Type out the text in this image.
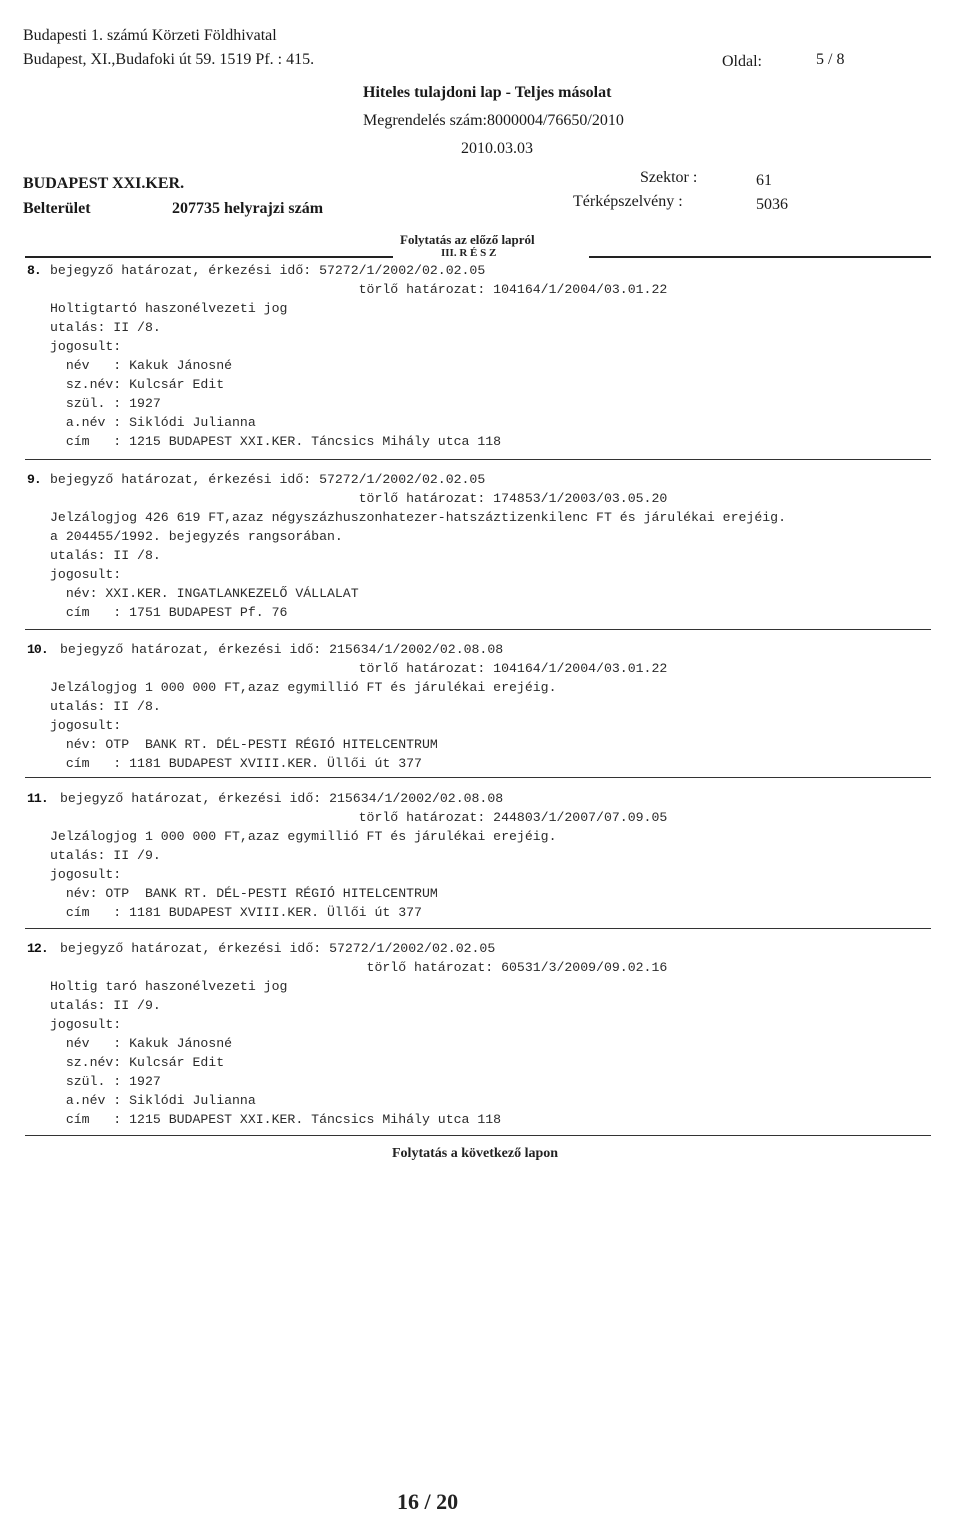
Budapesti 1. számú Körzeti Földhivatal
Budapest, XI.,Budafoki út 59. 1519 Pf. : 415.	Oldal:	5 / 8
Hiteles tulajdoni lap - Teljes másolat
Megrendelés szám:8000004/76650/2010
2010.03.03
BUDAPEST XXI.KER.
Belterület	207735 helyrajzi szám
Szektor :	61
Térképszelvény :	5036
Folytatás az előző lapról
III. R É S Z
8. bejegyző határozat, érkezési idő: 57272/1/2002/02.02.05
törlő határozat: 104164/1/2004/03.01.22
Holtigtartó haszonélvezeti jog
utalás: II /8.
jogosult:
név   : Kakuk Jánosné
sz.név: Kulcsár Edit
szül. : 1927
a.név : Siklódi Julianna
cím   : 1215 BUDAPEST XXI.KER. Táncsics Mihály utca 118
9. bejegyző határozat, érkezési idő: 57272/1/2002/02.02.05
törlő határozat: 174853/1/2003/03.05.20
Jelzálogjog 426 619 FT,azaz négyszázhuszonhatezer-hatszáztizenkilenc FT és járulékai erejéig.
a 204455/1992. bejegyzés rangsorában.
utalás: II /8.
jogosult:
név: XXI.KER. INGATLANKEZELŐ VÁLLALAT
cím   : 1751 BUDAPEST Pf. 76
10. bejegyző határozat, érkezési idő: 215634/1/2002/02.08.08
törlő határozat: 104164/1/2004/03.01.22
Jelzálogjog 1 000 000 FT,azaz egymillió FT és járulékai erejéig.
utalás: II /8.
jogosult:
név: OTP  BANK RT. DÉL-PESTI RÉGIÓ HITELCENTRUM
cím   : 1181 BUDAPEST XVIII.KER. Üllői út 377
11. bejegyző határozat, érkezési idő: 215634/1/2002/02.08.08
törlő határozat: 244803/1/2007/07.09.05
Jelzálogjog 1 000 000 FT,azaz egymillió FT és járulékai erejéig.
utalás: II /9.
jogosult:
név: OTP  BANK RT. DÉL-PESTI RÉGIÓ HITELCENTRUM
cím   : 1181 BUDAPEST XVIII.KER. Üllői út 377
12. bejegyző határozat, érkezési idő: 57272/1/2002/02.02.05
törlő határozat: 60531/3/2009/09.02.16
Holtig taró haszonélvezeti jog
utalás: II /9.
jogosult:
név   : Kakuk Jánosné
sz.név: Kulcsár Edit
szül. : 1927
a.név : Siklódi Julianna
cím   : 1215 BUDAPEST XXI.KER. Táncsics Mihály utca 118
Folytatás a következő lapon
16 / 20
